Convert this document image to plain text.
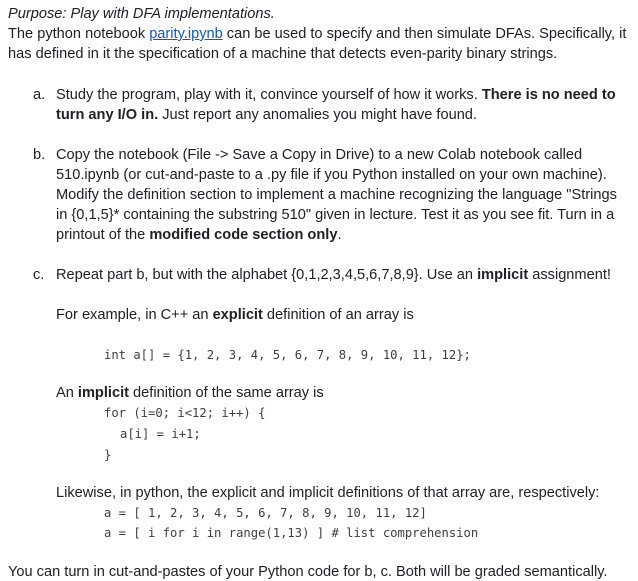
Purpose: Play with DFA implementations.
The python notebook parity.ipynb can be used to specify and then simulate DFAs. Specifically, it
has defined in it the specification of a machine that detects even-parity binary strings.
a. Study the program, play with it, convince yourself of how it works. There is no need to
turn any I/O in. Just report any anomalies you might have found.
b. Copy the notebook (File -> Save a Copy in Drive) to a new Colab notebook called
510.ipynb (or cut-and-paste to a .py file if you Python installed on your own machine).
Modify the definition section to implement a machine recognizing the language "Strings
in {0,1,5}* containing the substring 510" given in lecture. Test it as you see fit. Turn in a
printout of the modified code section only.
c. Repeat part b, but with the alphabet {0,1,2,3,4,5,6,7,8,9}. Use an implicit assignment!
For example, in C++ an explicit definition of an array is
int a[] = {1, 2, 3, 4, 5, 6, 7, 8, 9, 10, 11, 12};
An implicit definition of the same array is
for (i=0; i<12; i++) {
a[i] = i+1;
}
Likewise, in python, the explicit and implicit definitions of that array are, respectively:
a = [ 1, 2, 3, 4, 5, 6, 7, 8, 9, 10, 11, 12]
a = [ i for i in range(1,13) ] # list comprehension
You can turn in cut-and-pastes of your Python code for b, c. Both will be graded semantically.
